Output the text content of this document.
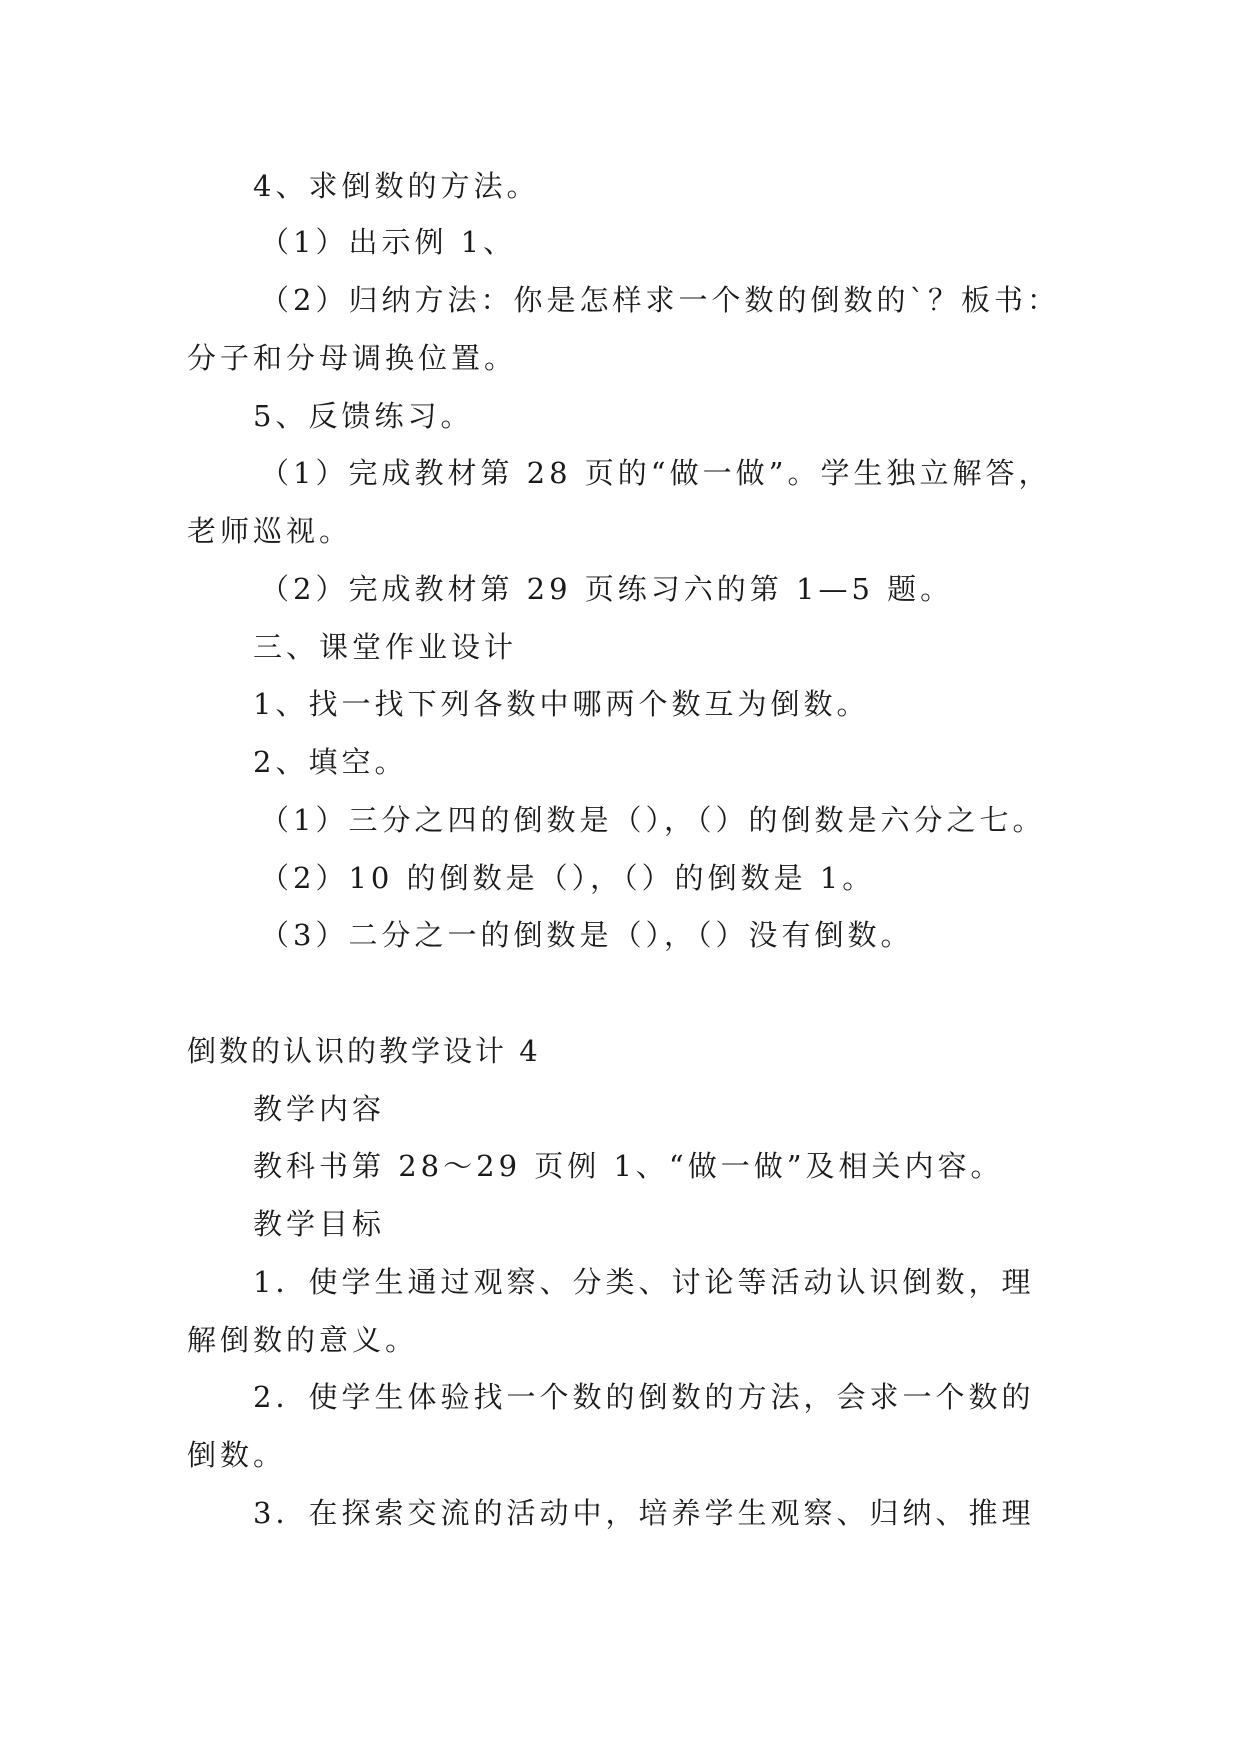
4、求倒数的方法。
（1）出示例 1、
（2）归纳方法：你是怎样求一个数的倒数的`？板书：
分子和分母调换位置。
5、反馈练习。
（1）完成教材第 28 页的“做一做”。学生独立解答，
老师巡视。
（2）完成教材第 29 页练习六的第 1—5 题。
三、课堂作业设计
1、找一找下列各数中哪两个数互为倒数。
2、填空。
（1）三分之四的倒数是（），（）的倒数是六分之七。
（2）10 的倒数是（），（）的倒数是 1。
（3）二分之一的倒数是（），（）没有倒数。
倒数的认识的教学设计 4
教学内容
教科书第 28～29 页例 1、“做一做”及相关内容。
教学目标
1．使学生通过观察、分类、讨论等活动认识倒数，理
解倒数的意义。
2．使学生体验找一个数的倒数的方法，会求一个数的
倒数。
3．在探索交流的活动中，培养学生观察、归纳、推理
